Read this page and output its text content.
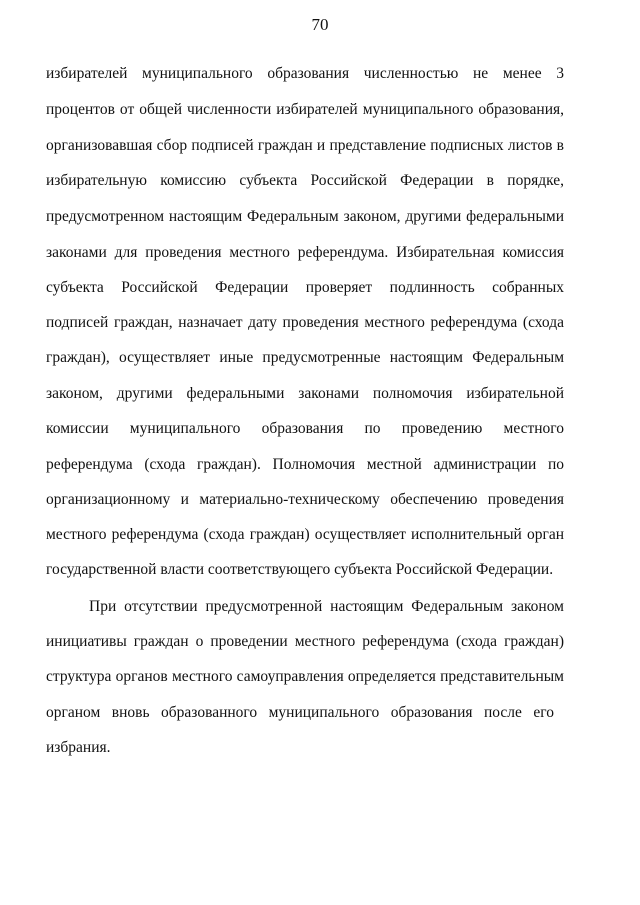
70
избирателей муниципального образования численностью не менее 3
процентов от общей численности избирателей муниципального образования,
организовавшая сбор подписей граждан и представление подписных листов в
избирательную комиссию субъекта Российской Федерации в порядке,
предусмотренном настоящим Федеральным законом, другими федеральными
законами для проведения местного референдума. Избирательная комиссия
субъекта Российской Федерации проверяет подлинность собранных
подписей граждан, назначает дату проведения местного референдума (схода
граждан), осуществляет иные предусмотренные настоящим Федеральным
законом, другими федеральными законами полномочия избирательной
комиссии муниципального образования по проведению местного
референдума (схода граждан). Полномочия местной администрации по
организационному и материально-техническому обеспечению проведения
местного референдума (схода граждан) осуществляет исполнительный орган
государственной власти соответствующего субъекта Российской Федерации.
При отсутствии предусмотренной настоящим Федеральным законом
инициативы граждан о проведении местного референдума (схода граждан)
структура органов местного самоуправления определяется представительным
органом вновь образованного муниципального образования после его
избрания.
